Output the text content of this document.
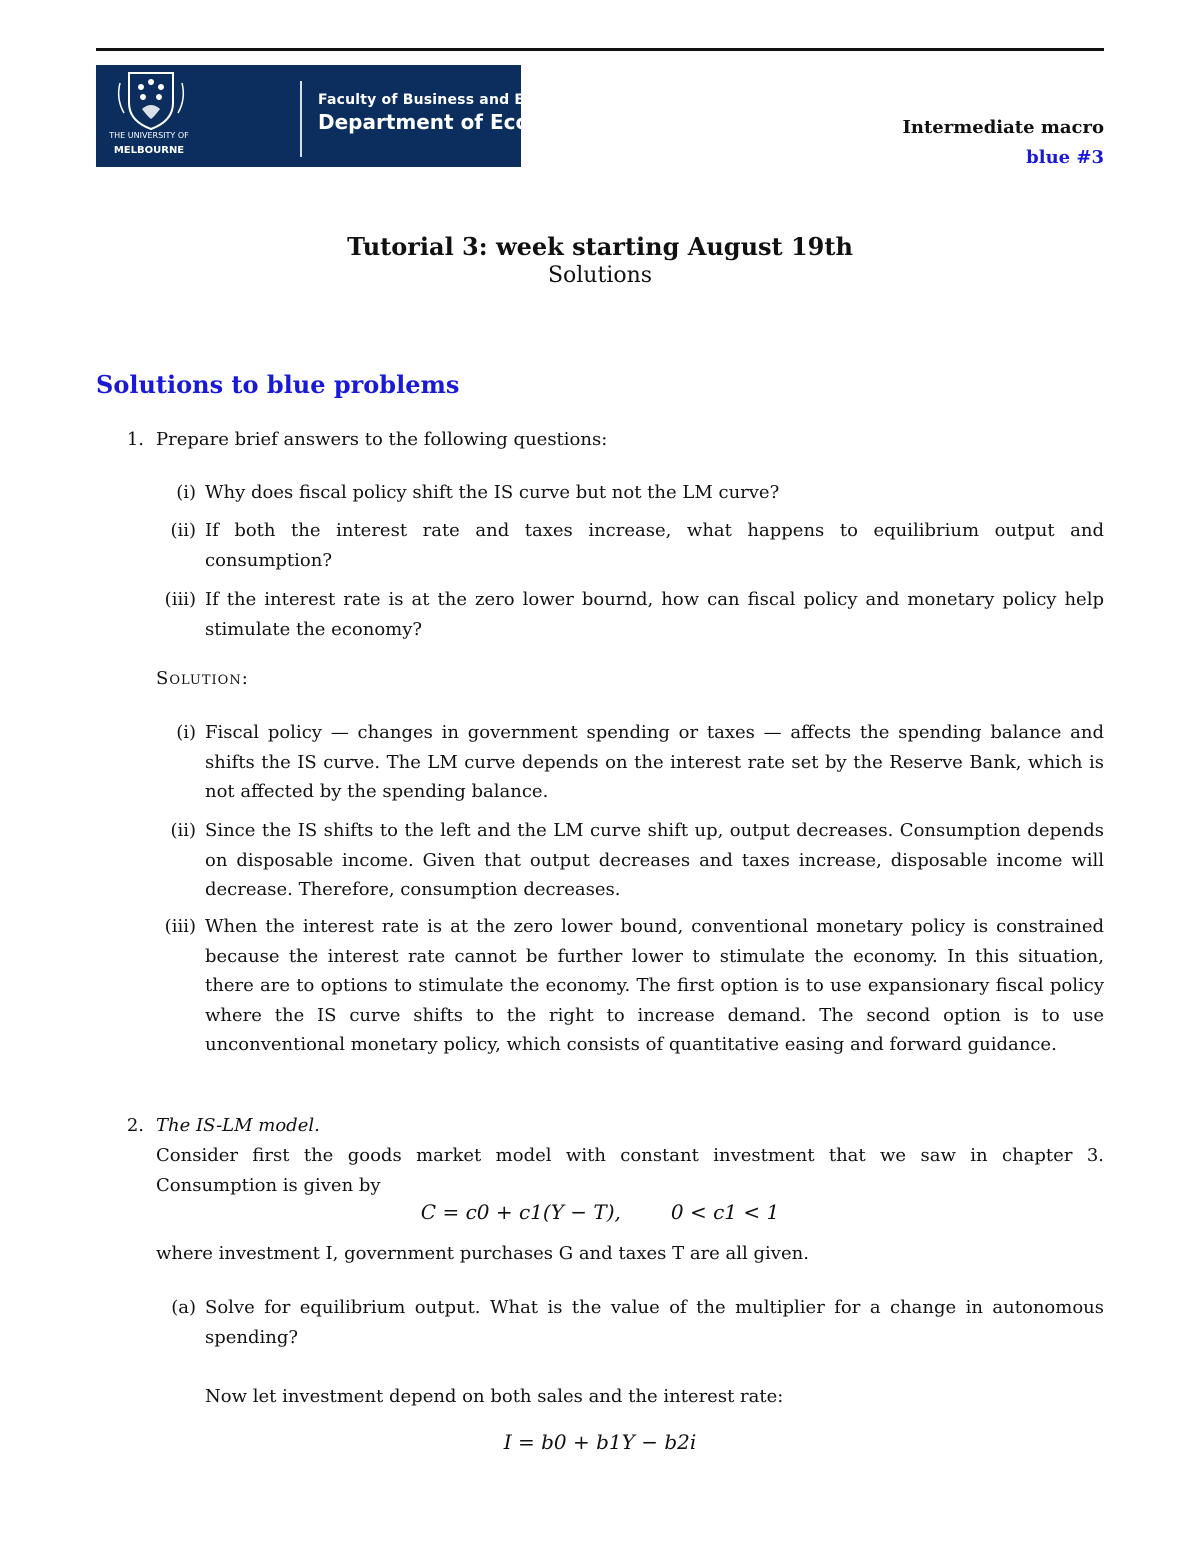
THE UNIVERSITY OF
MELBOURNE
Faculty of Business and Economics
Department of Economics	Intermediate macro
blue #3
Tutorial 3: week starting August 19th
Solutions
Solutions to blue problems
1. Prepare brief answers to the following questions:
(i) Why does fiscal policy shift the IS curve but not the LM curve?
(ii) If both the interest rate and taxes increase, what happens to equilibrium output and consumption?
(iii) If the interest rate is at the zero lower bournd, how can fiscal policy and monetary policy help stimulate the economy?
Solution:
(i) Fiscal policy — changes in government spending or taxes — affects the spending balance and shifts the IS curve. The LM curve depends on the interest rate set by the Reserve Bank, which is not affected by the spending balance.
(ii) Since the IS shifts to the left and the LM curve shift up, output decreases. Consumption depends on disposable income. Given that output decreases and taxes increase, disposable income will decrease. Therefore, consumption decreases.
(iii) When the interest rate is at the zero lower bound, conventional monetary policy is constrained because the interest rate cannot be further lower to stimulate the economy. In this situation, there are to options to stimulate the economy. The first option is to use expansionary fiscal policy where the IS curve shifts to the right to increase demand. The second option is to use unconventional monetary policy, which consists of quantitative easing and forward guidance.
2. The IS-LM model.
Consider first the goods market model with constant investment that we saw in chapter 3. Consumption is given by
C = c0 + c1(Y − T),	0 < c1 < 1
where investment I, government purchases G and taxes T are all given.
(a) Solve for equilibrium output. What is the value of the multiplier for a change in autonomous spending?
Now let investment depend on both sales and the interest rate:
I = b0 + b1Y − b2i
